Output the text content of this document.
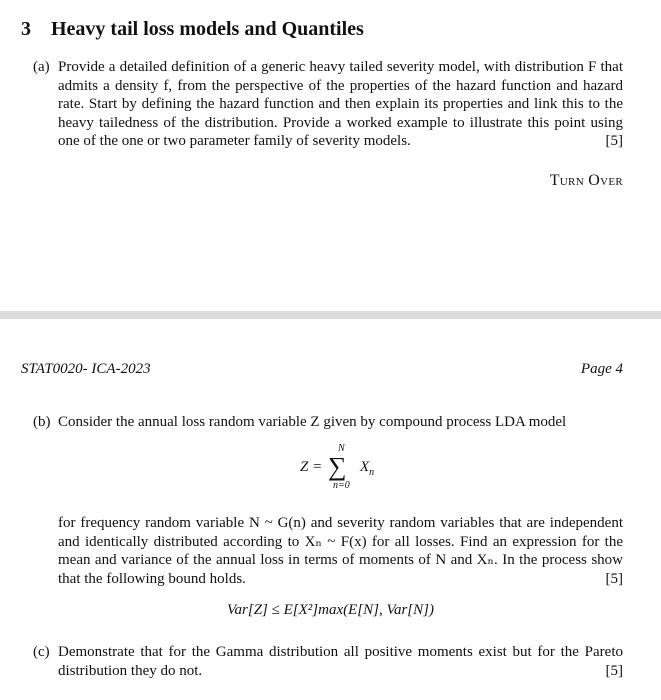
3 Heavy tail loss models and Quantiles
(a) Provide a detailed definition of a generic heavy tailed severity model, with distribution F that admits a density f, from the perspective of the properties of the hazard function and hazard rate. Start by defining the hazard function and then explain its properties and link this to the heavy tailedness of the distribution. Provide a worked example to illustrate this point using one of the one or two parameter family of severity models.	[5]
Turn Over
STAT0020- ICA-2023	Page 4
(b) Consider the annual loss random variable Z given by compound process LDA model
Z =
N
∑
n=0
$X_n$
for frequency random variable N ~ G(n) and severity random variables that are independent and identically distributed according to Xₙ ~ F(x) for all losses. Find an expression for the mean and variance of the annual loss in terms of moments of N and Xₙ. In the process show that the following bound holds.	[5]
Var[Z] ≤ E[X²]max(E[N], Var[N])
(c) Demonstrate that for the Gamma distribution all positive moments exist but for the Pareto distribution they do not.	[5]
